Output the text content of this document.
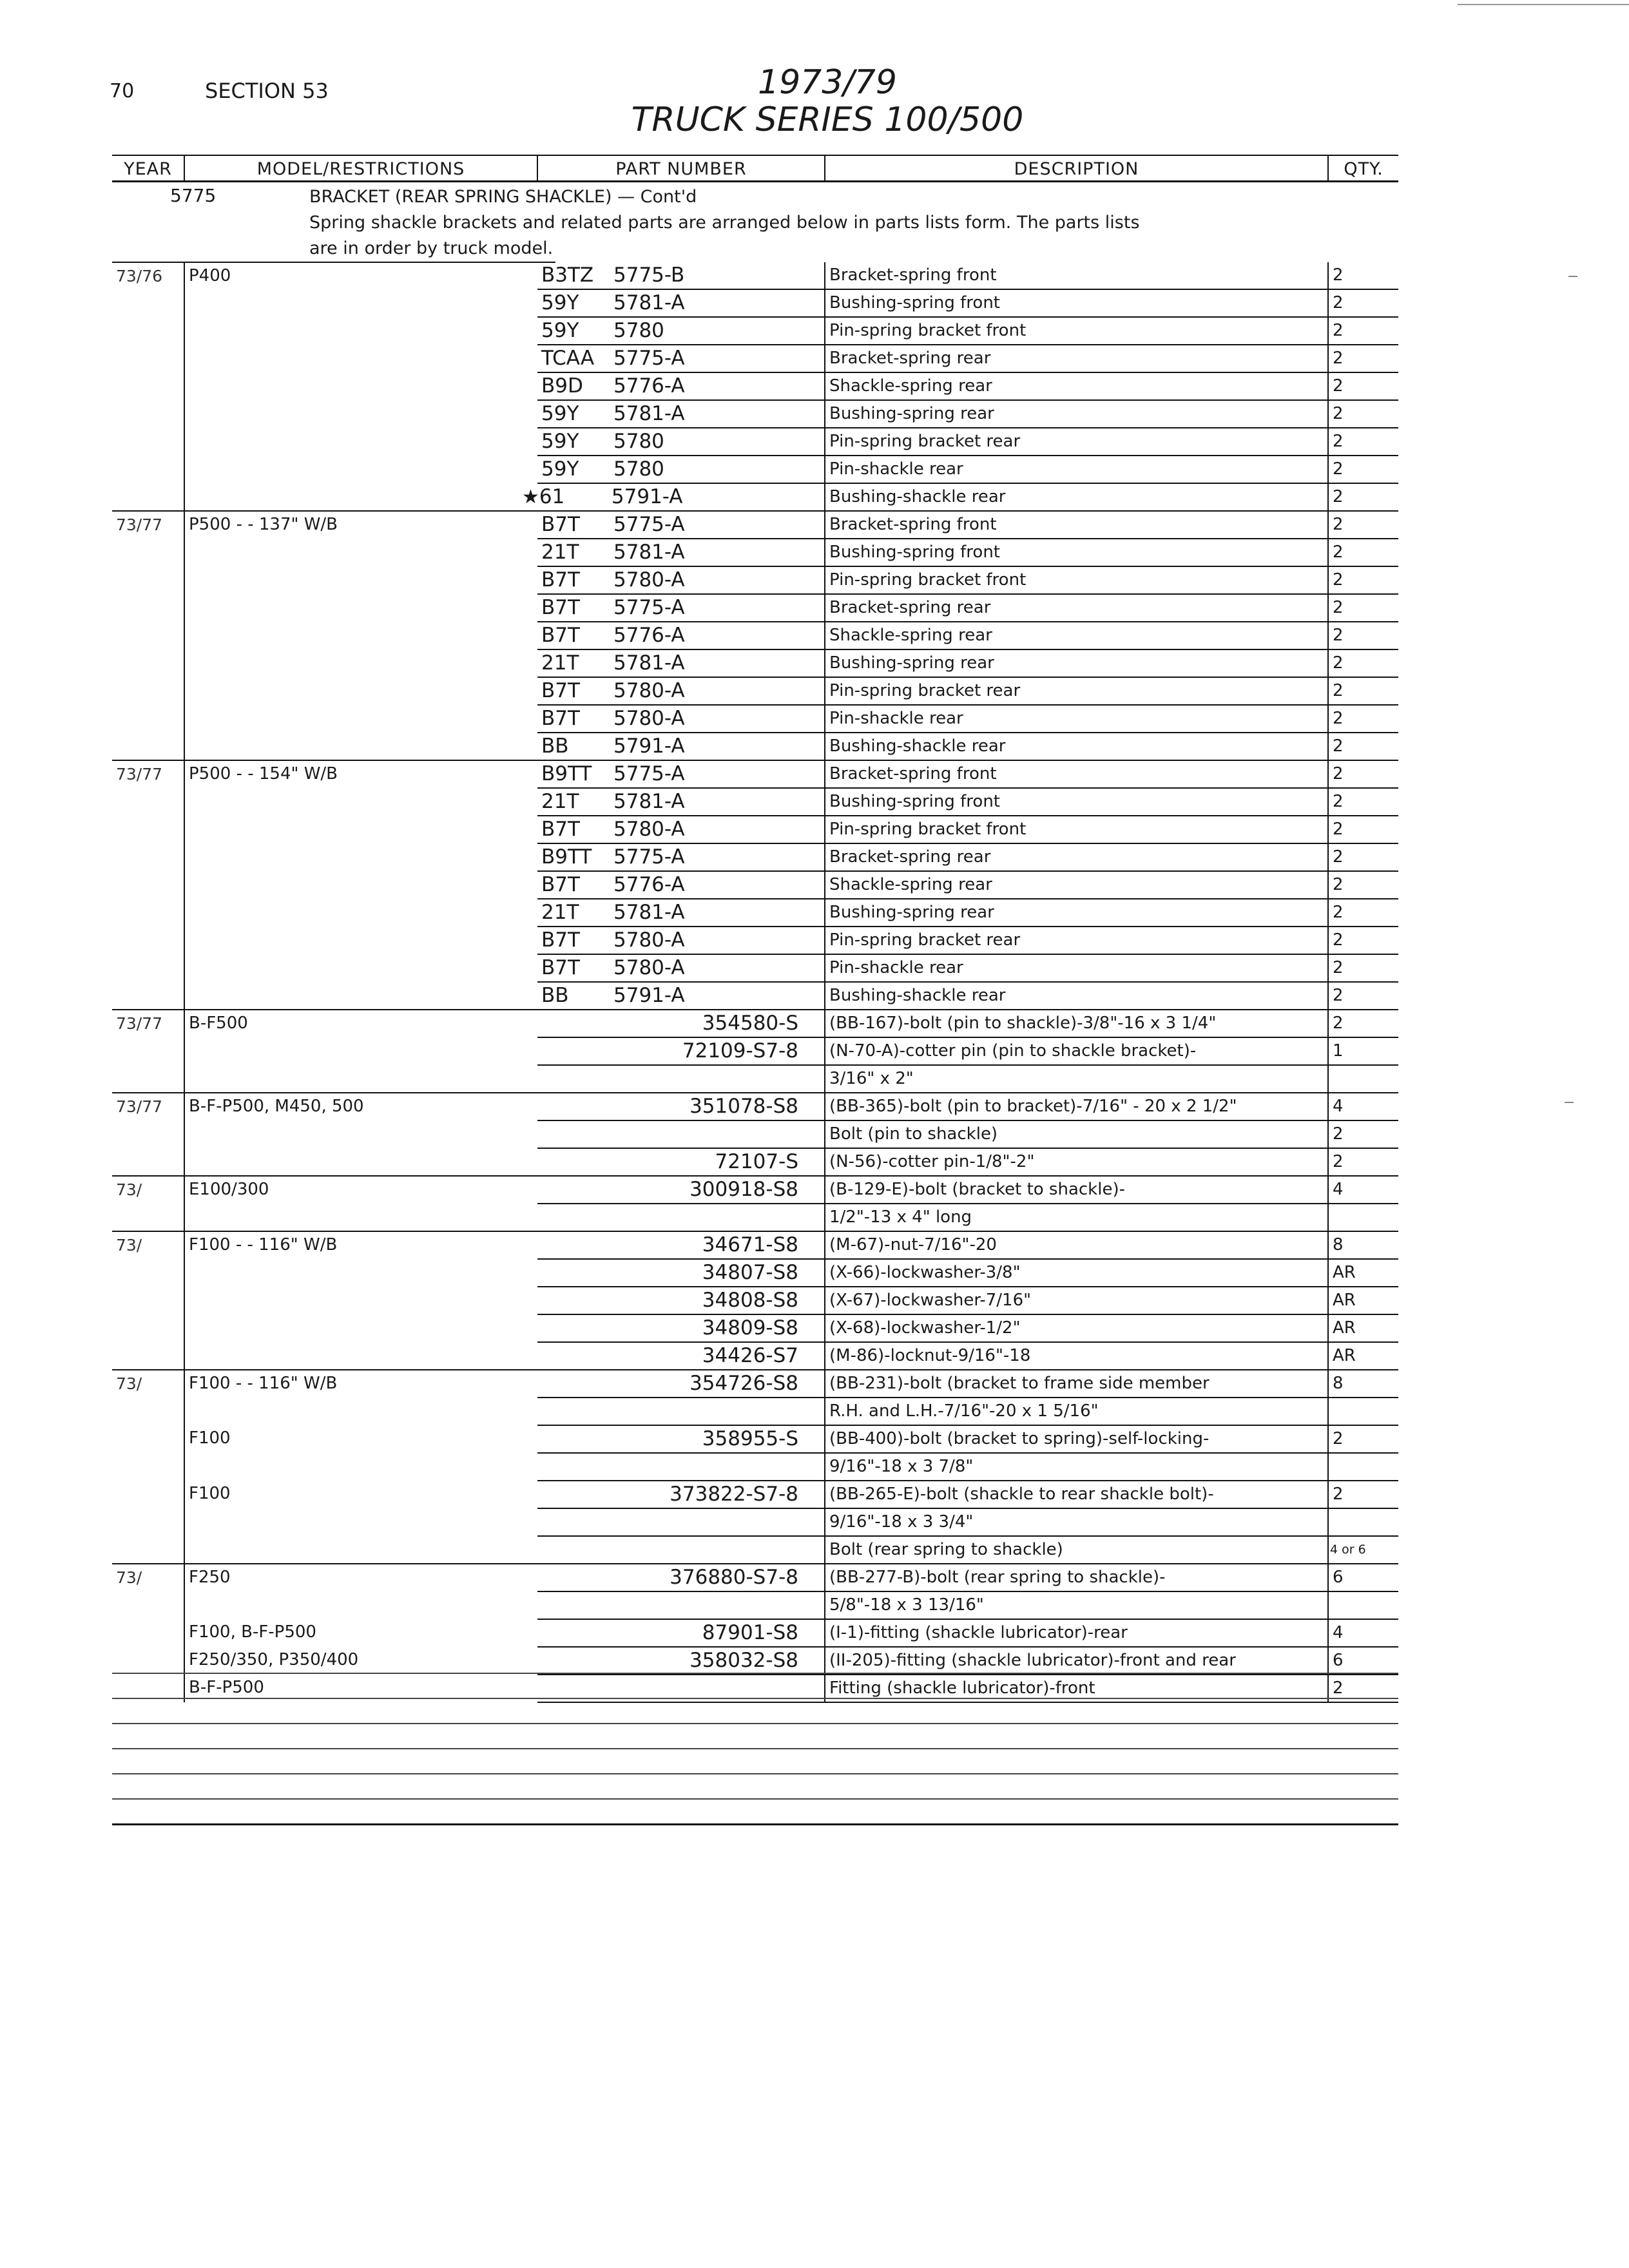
70	SECTION 53	1973/79
TRUCK SERIES 100/500
YEAR	MODEL/RESTRICTIONS	PART NUMBER	DESCRIPTION	QTY.
5775				

73/76	P400	B3TZ 5775-B	Bracket-spring front	2
		59Y 5781-A	Bushing-spring front	2
		59Y 5780	Pin-spring bracket front	2
		TCAA 5775-A	Bracket-spring rear	2
		B9D 5776-A	Shackle-spring rear	2
		59Y 5781-A	Bushing-spring rear	2
		59Y 5780	Pin-spring bracket rear	2
		59Y 5780	Pin-shackle rear	2
		★61 5791-A	Bushing-shackle rear	2
73/77	P500 - - 137" W/B	B7T 5775-A	Bracket-spring front	2
		21T 5781-A	Bushing-spring front	2
		B7T 5780-A	Pin-spring bracket front	2
		B7T 5775-A	Bracket-spring rear	2
		B7T 5776-A	Shackle-spring rear	2
		21T 5781-A	Bushing-spring rear	2
		B7T 5780-A	Pin-spring bracket rear	2
		B7T 5780-A	Pin-shackle rear	2
		BB 5791-A	Bushing-shackle rear	2
73/77	P500 - - 154" W/B	B9TT 5775-A	Bracket-spring front	2
		21T 5781-A	Bushing-spring front	2
		B7T 5780-A	Pin-spring bracket front	2
		B9TT 5775-A	Bracket-spring rear	2
		B7T 5776-A	Shackle-spring rear	2
		21T 5781-A	Bushing-spring rear	2
		B7T 5780-A	Pin-spring bracket rear	2
		B7T 5780-A	Pin-shackle rear	2
		BB 5791-A	Bushing-shackle rear	2
73/77	B-F500	354580-S	(BB-167)-bolt (pin to shackle)-3/8"-16 x 3 1/4"	2
		72109-S7-8	(N-70-A)-cotter pin (pin to shackle bracket)-	1
			3/16" x 2"	
73/77	B-F-P500, M450, 500	351078-S8	(BB-365)-bolt (pin to bracket)-7/16" - 20 x 2 1/2"	4
			Bolt (pin to shackle)	2
		72107-S	(N-56)-cotter pin-1/8"-2"	2
73/	E100/300	300918-S8	(B-129-E)-bolt (bracket to shackle)-	4
			1/2"-13 x 4" long	
73/	F100 - - 116" W/B	34671-S8	(M-67)-nut-7/16"-20	8
		34807-S8	(X-66)-lockwasher-3/8"	AR
		34808-S8	(X-67)-lockwasher-7/16"	AR
		34809-S8	(X-68)-lockwasher-1/2"	AR
		34426-S7	(M-86)-locknut-9/16"-18	AR
73/	F100 - - 116" W/B	354726-S8	(BB-231)-bolt (bracket to frame side member	8
			R.H. and L.H.-7/16"-20 x 1 5/16"	
	F100	358955-S	(BB-400)-bolt (bracket to spring)-self-locking-	2
			9/16"-18 x 3 7/8"	
	F100	373822-S7-8	(BB-265-E)-bolt (shackle to rear shackle bolt)-	2
			9/16"-18 x 3 3/4"	
			Bolt (rear spring to shackle)	4 or 6
73/	F250	376880-S7-8	(BB-277-B)-bolt (rear spring to shackle)-	6
			5/8"-18 x 3 13/16"	
	F100, B-F-P500	87901-S8	(I-1)-fitting (shackle lubricator)-rear	4
	F250/350, P350/400	358032-S8	(II-205)-fitting (shackle lubricator)-front and rear	6
	B-F-P500		Fitting (shackle lubricator)-front	2
BRACKET (REAR SPRING SHACKLE) — Cont'd
Spring shackle brackets and related parts are arranged below in parts lists form. The parts lists
are in order by truck model.
